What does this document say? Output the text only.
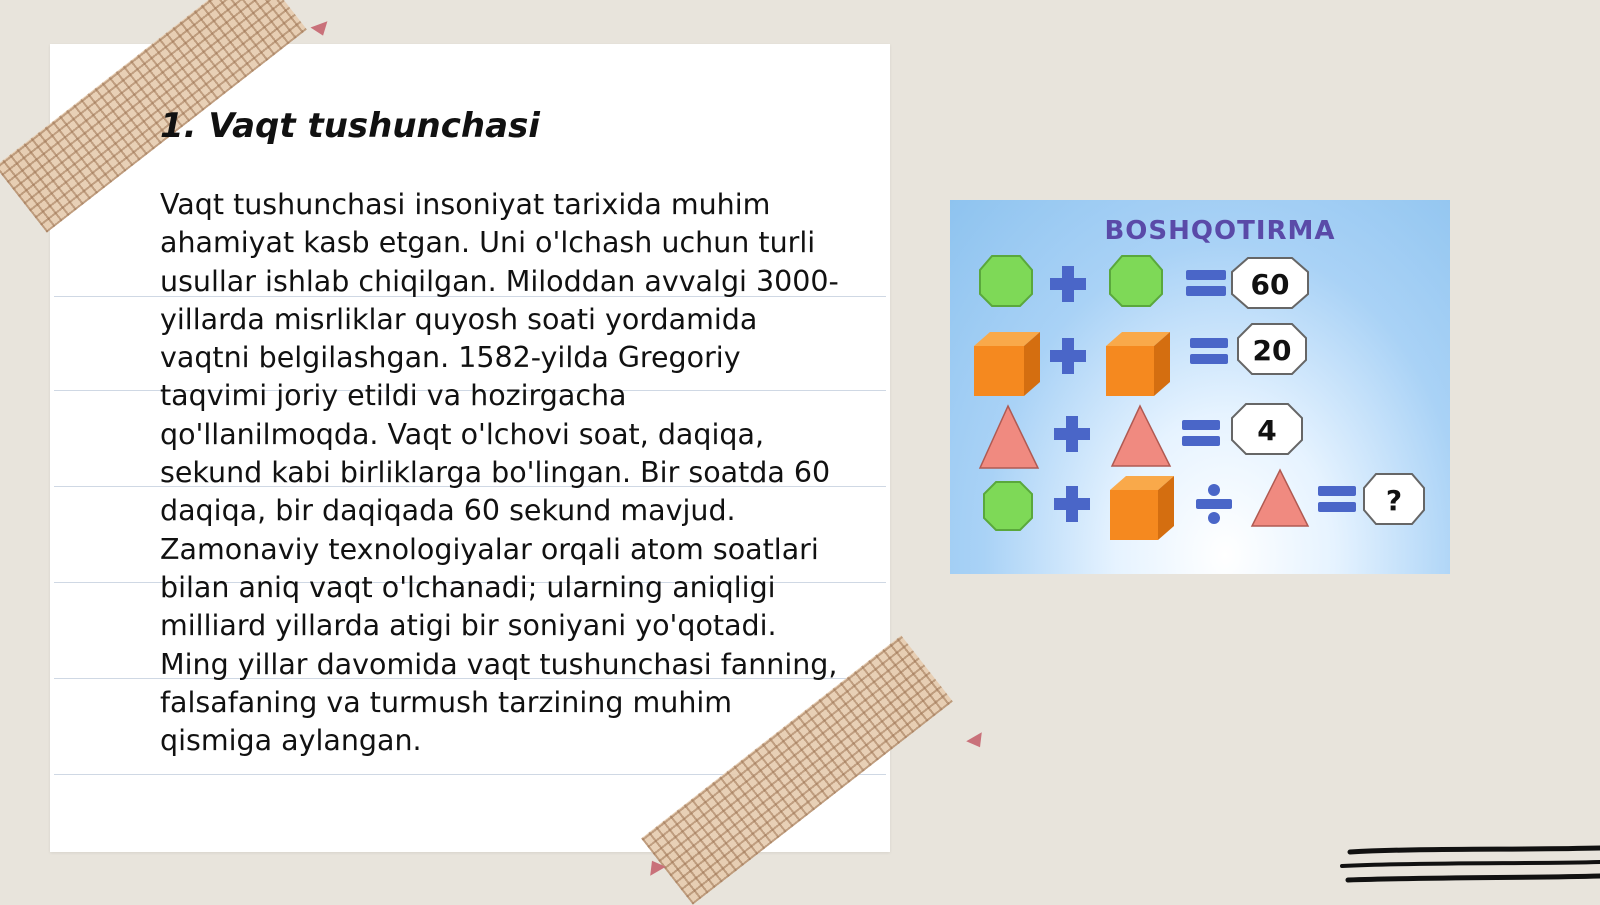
1. Vaqt tushunchasi

Vaqt tushunchasi insoniyat tarixida muhim ahamiyat kasb etgan. Uni o'lchash uchun turli usullar ishlab chiqilgan. Miloddan avvalgi 3000-yillarda misrliklar quyosh soati yordamida vaqtni belgilashgan. 1582-yilda Gregoriy taqvimi joriy etildi va hozirgacha qo'llanilmoqda. Vaqt o'lchovi soat, daqiqa, sekund kabi birliklarga bo'lingan. Bir soatda 60 daqiqa, bir daqiqada 60 sekund mavjud. Zamonaviy texnologiyalar orqali atom soatlari bilan aniq vaqt o'lchanadi; ularning aniqligi milliard yillarda atigi bir soniyani yo'qotadi. Ming yillar davomida vaqt tushunchasi fanning, falsafaning va turmush tarzining muhim qismiga aylangan.

BOSHQOTIRMA
60
20
4
?
